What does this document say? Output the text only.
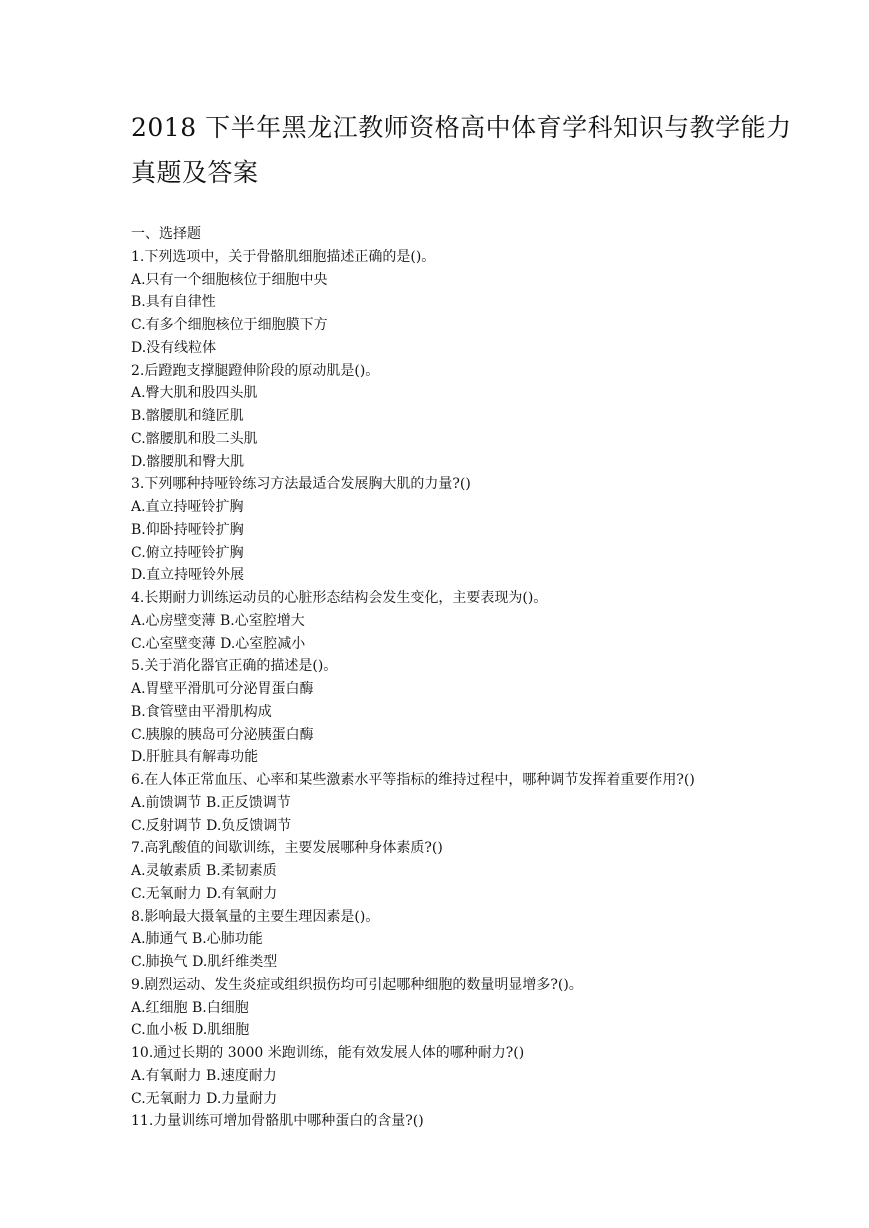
2018 下半年黑龙江教师资格高中体育学科知识与教学能力
真题及答案
一、选择题
1.下列选项中，关于骨骼肌细胞描述正确的是()。
A.只有一个细胞核位于细胞中央
B.具有自律性
C.有多个细胞核位于细胞膜下方
D.没有线粒体
2.后蹬跑支撑腿蹬伸阶段的原动肌是()。
A.臀大肌和股四头肌
B.髂腰肌和缝匠肌
C.髂腰肌和股二头肌
D.髂腰肌和臀大肌
3.下列哪种持哑铃练习方法最适合发展胸大肌的力量?()
A.直立持哑铃扩胸
B.仰卧持哑铃扩胸
C.俯立持哑铃扩胸
D.直立持哑铃外展
4.长期耐力训练运动员的心脏形态结构会发生变化，主要表现为()。
A.心房壁变薄 B.心室腔增大
C.心室壁变薄 D.心室腔减小
5.关于消化器官正确的描述是()。
A.胃壁平滑肌可分泌胃蛋白酶
B.食管壁由平滑肌构成
C.胰腺的胰岛可分泌胰蛋白酶
D.肝脏具有解毒功能
6.在人体正常血压、心率和某些激素水平等指标的维持过程中，哪种调节发挥着重要作用?()
A.前馈调节 B.正反馈调节
C.反射调节 D.负反馈调节
7.高乳酸值的间歇训练，主要发展哪种身体素质?()
A.灵敏素质 B.柔韧素质
C.无氧耐力 D.有氧耐力
8.影响最大摄氧量的主要生理因素是()。
A.肺通气 B.心肺功能
C.肺换气 D.肌纤维类型
9.剧烈运动、发生炎症或组织损伤均可引起哪种细胞的数量明显增多?()。
A.红细胞 B.白细胞
C.血小板 D.肌细胞
10.通过长期的 3000 米跑训练，能有效发展人体的哪种耐力?()
A.有氧耐力 B.速度耐力
C.无氧耐力 D.力量耐力
11.力量训练可增加骨骼肌中哪种蛋白的含量?()
